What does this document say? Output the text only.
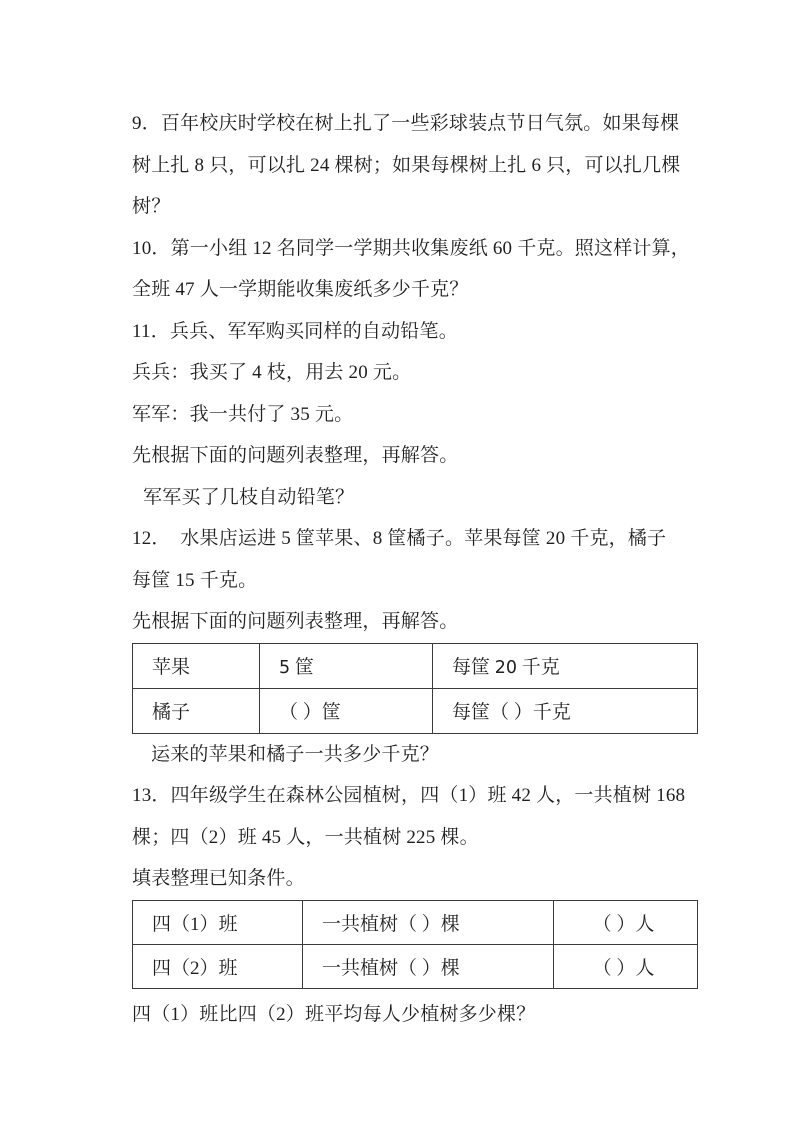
9．百年校庆时学校在树上扎了一些彩球装点节日气氛。如果每棵
树上扎 8 只，可以扎 24 棵树；如果每棵树上扎 6 只，可以扎几棵
树？
10．第一小组 12 名同学一学期共收集废纸 60 千克。照这样计算，
全班 47 人一学期能收集废纸多少千克？
11．兵兵、军军购买同样的自动铅笔。
兵兵：我买了 4 枝，用去 20 元。
军军：我一共付了 35 元。
先根据下面的问题列表整理，再解答。
军军买了几枝自动铅笔？
12．　水果店运进 5 筐苹果、8 筐橘子。苹果每筐 20 千克，橘子
每筐 15 千克。
先根据下面的问题列表整理，再解答。
苹果	5 筐	每筐 20 千克
橘子	（ ）筐	每筐（ ）千克
运来的苹果和橘子一共多少千克？
13．四年级学生在森林公园植树，四（1）班 42 人，一共植树 168
棵；四（2）班 45 人，一共植树 225 棵。
填表整理已知条件。
四（1）班	一共植树（ ）棵	（ ）人
四（2）班	一共植树（ ）棵	（ ）人
四（1）班比四（2）班平均每人少植树多少棵？
